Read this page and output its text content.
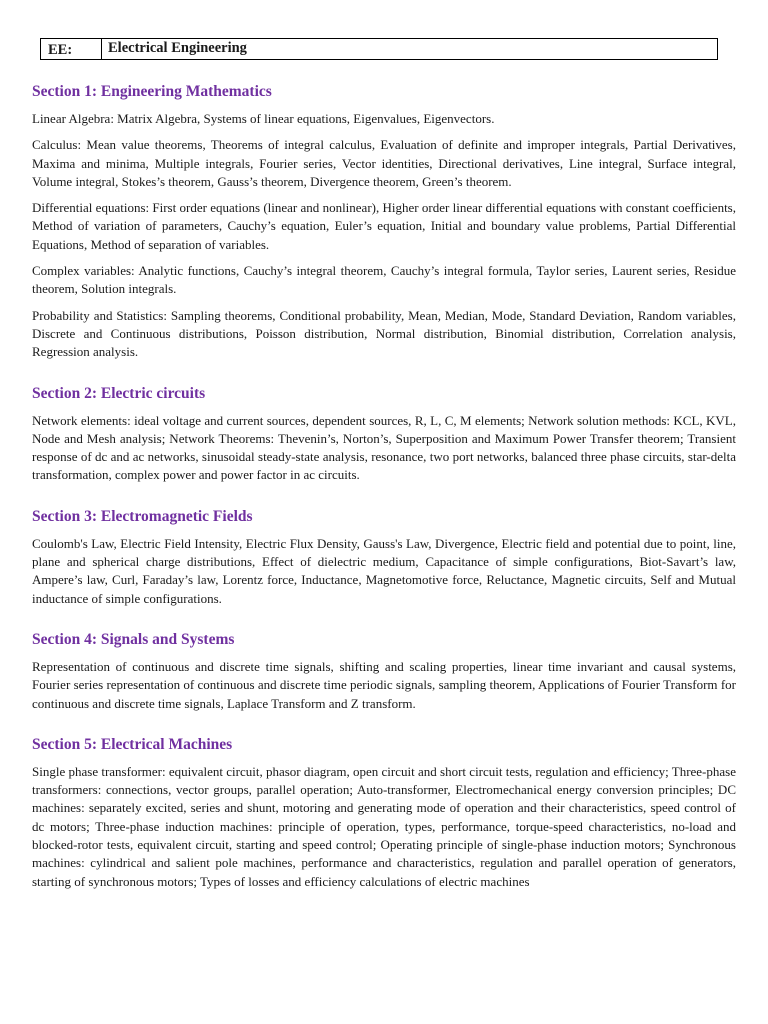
EE:	Electrical Engineering
Section 1: Engineering Mathematics

Linear Algebra: Matrix Algebra, Systems of linear equations, Eigenvalues, Eigenvectors.

Calculus: Mean value theorems, Theorems of integral calculus, Evaluation of definite and improper integrals, Partial Derivatives, Maxima and minima, Multiple integrals, Fourier series, Vector identities, Directional derivatives, Line integral, Surface integral, Volume integral, Stokes’s theorem, Gauss’s theorem, Divergence theorem, Green’s theorem.

Differential equations: First order equations (linear and nonlinear), Higher order linear differential equations with constant coefficients, Method of variation of parameters, Cauchy’s equation, Euler’s equation, Initial and boundary value problems, Partial Differential Equations, Method of separation of variables.

Complex variables: Analytic functions, Cauchy’s integral theorem, Cauchy’s integral formula, Taylor series, Laurent series, Residue theorem, Solution integrals.

Probability and Statistics: Sampling theorems, Conditional probability, Mean, Median, Mode, Standard Deviation, Random variables, Discrete and Continuous distributions, Poisson distribution, Normal distribution, Binomial distribution, Correlation analysis, Regression analysis.

Section 2: Electric circuits

Network elements: ideal voltage and current sources, dependent sources, R, L, C, M elements; Network solution methods: KCL, KVL, Node and Mesh analysis; Network Theorems: Thevenin’s, Norton’s, Superposition and Maximum Power Transfer theorem; Transient response of dc and ac networks, sinusoidal steady-state analysis, resonance, two port networks, balanced three phase circuits, star-delta transformation, complex power and power factor in ac circuits.

Section 3: Electromagnetic Fields

Coulomb's Law, Electric Field Intensity, Electric Flux Density, Gauss's Law, Divergence, Electric field and potential due to point, line, plane and spherical charge distributions, Effect of dielectric medium, Capacitance of simple configurations, Biot-Savart’s law, Ampere’s law, Curl, Faraday’s law, Lorentz force, Inductance, Magnetomotive force, Reluctance, Magnetic circuits, Self and Mutual inductance of simple configurations.

Section 4: Signals and Systems

Representation of continuous and discrete time signals, shifting and scaling properties, linear time invariant and causal systems, Fourier series representation of continuous and discrete time periodic signals, sampling theorem, Applications of Fourier Transform for continuous and discrete time signals, Laplace Transform and Z transform.

Section 5: Electrical Machines

Single phase transformer: equivalent circuit, phasor diagram, open circuit and short circuit tests, regulation and efficiency; Three-phase transformers: connections, vector groups, parallel operation; Auto-transformer, Electromechanical energy conversion principles; DC machines: separately excited, series and shunt, motoring and generating mode of operation and their characteristics, speed control of dc motors; Three-phase induction machines: principle of operation, types, performance, torque-speed characteristics, no-load and blocked-rotor tests, equivalent circuit, starting and speed control; Operating principle of single-phase induction motors; Synchronous machines: cylindrical and salient pole machines, performance and characteristics, regulation and parallel operation of generators, starting of synchronous motors; Types of losses and efficiency calculations of electric machines
